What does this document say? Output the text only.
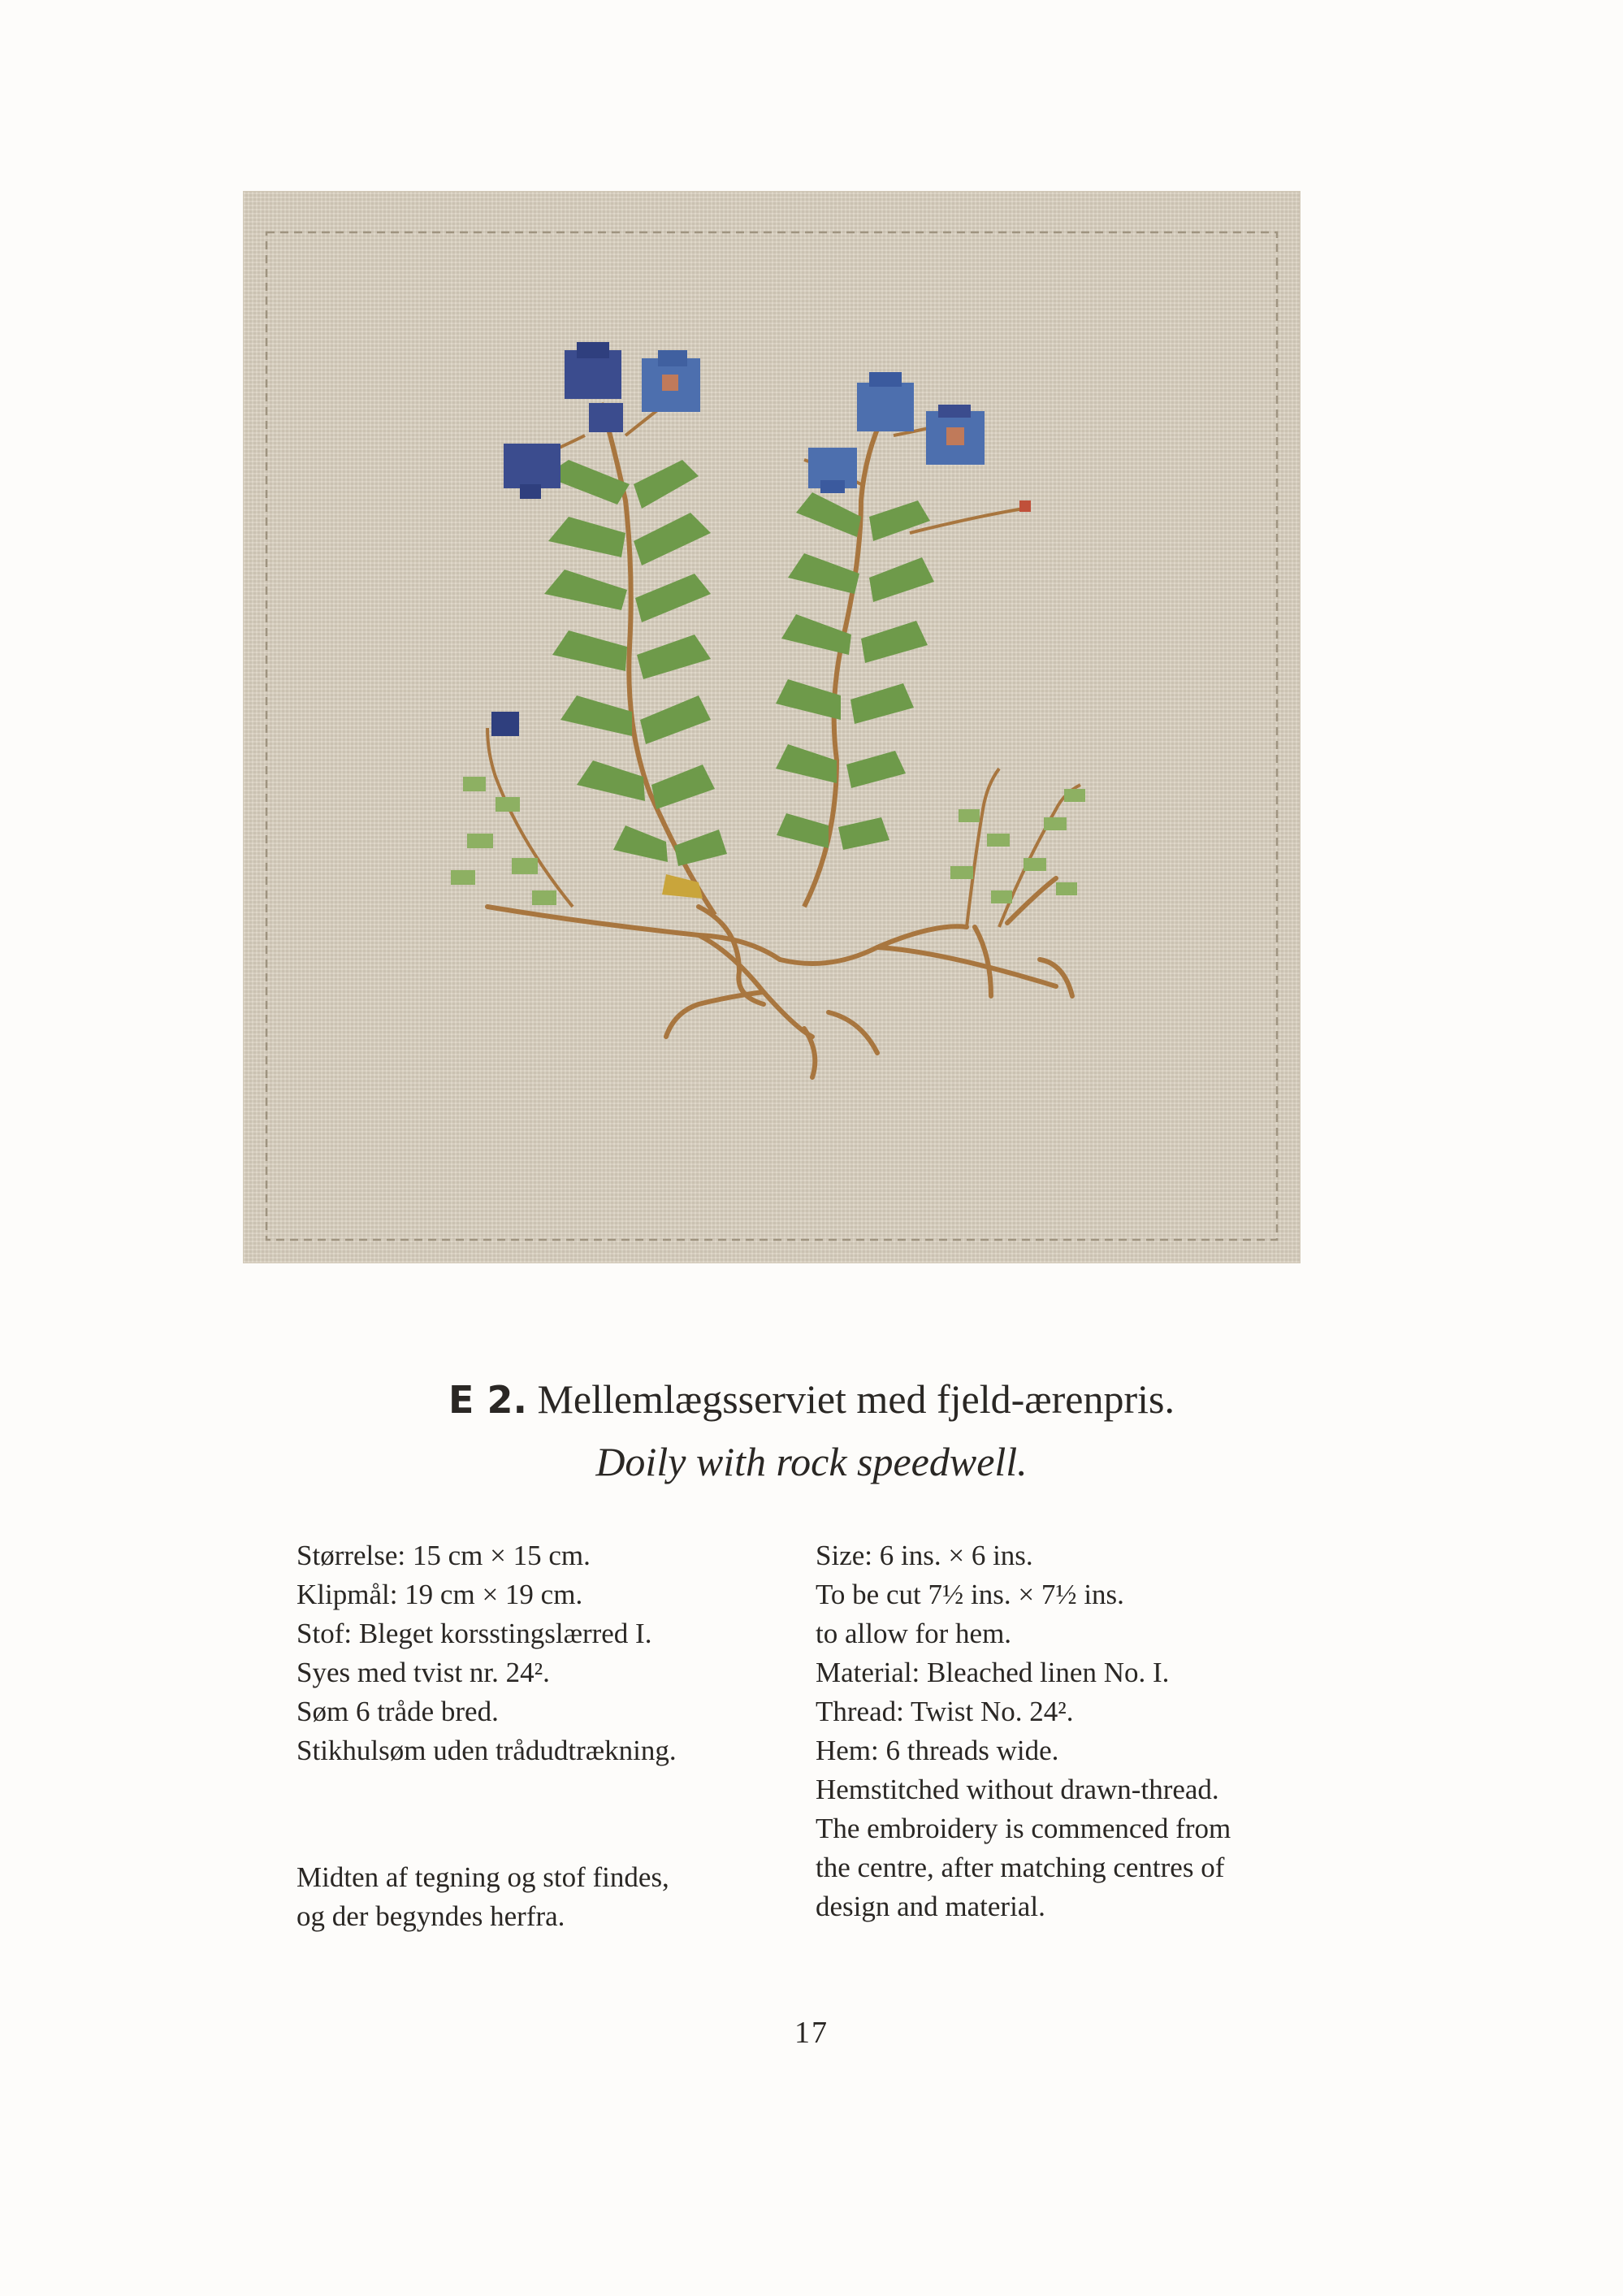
E 2. Mellemlægsserviet med fjeld-ærenpris.
Doily with rock speedwell.
Størrelse: 15 cm × 15 cm.
Klipmål: 19 cm × 19 cm.
Stof: Bleget korsstingslærred I.
Syes med tvist nr. 24².
Søm 6 tråde bred.
Stikhulsøm uden trådudtrækning.
Midten af tegning og stof findes,
og der begyndes herfra.
Size: 6 ins. × 6 ins.
To be cut 7½ ins. × 7½ ins.
to allow for hem.
Material: Bleached linen No. I.
Thread: Twist No. 24².
Hem: 6 threads wide.
Hemstitched without drawn-thread.
The embroidery is commenced from
the centre, after matching centres of
design and material.
17
